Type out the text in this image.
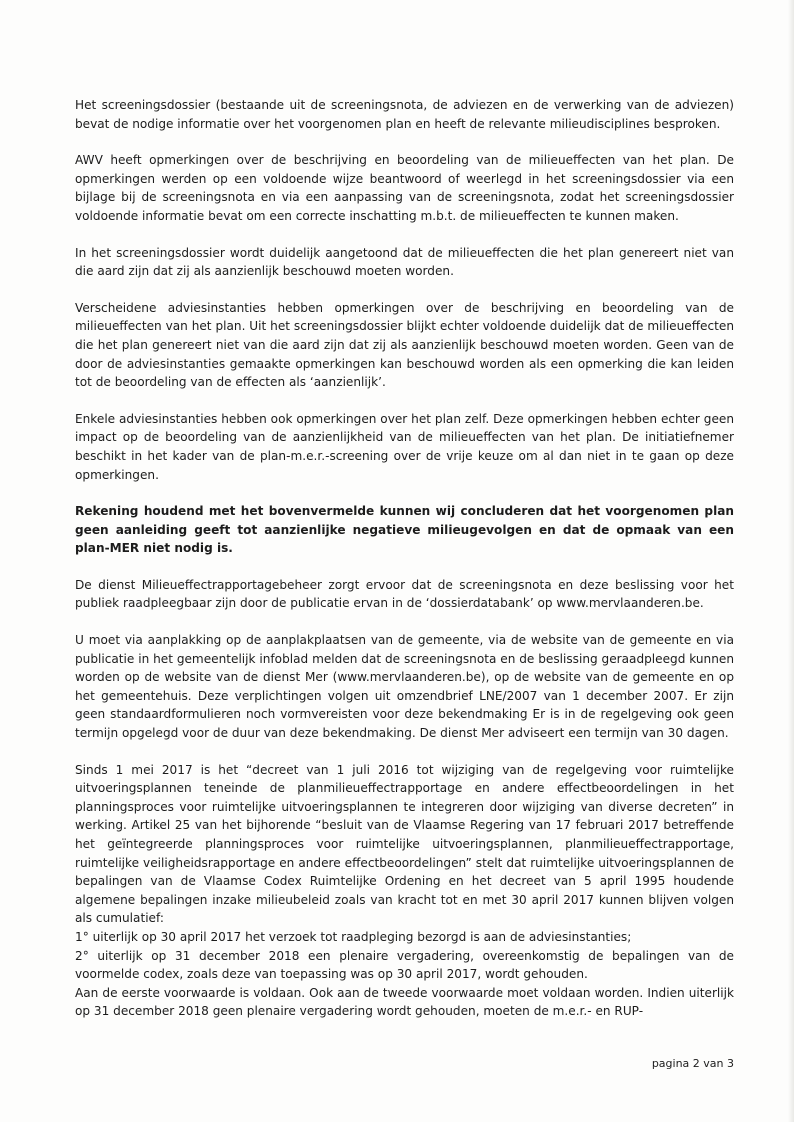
Het screeningsdossier (bestaande uit de screeningsnota, de adviezen en de verwerking van de adviezen) bevat de nodige informatie over het voorgenomen plan en heeft de relevante milieudisciplines besproken.

AWV heeft opmerkingen over de beschrijving en beoordeling van de milieueffecten van het plan. De opmerkingen werden op een voldoende wijze beantwoord of weerlegd in het screeningsdossier via een bijlage bij de screeningsnota en via een aanpassing van de screeningsnota, zodat het screeningsdossier voldoende informatie bevat om een correcte inschatting m.b.t. de milieueffecten te kunnen maken.

In het screeningsdossier wordt duidelijk aangetoond dat de milieueffecten die het plan genereert niet van die aard zijn dat zij als aanzienlijk beschouwd moeten worden.

Verscheidene adviesinstanties hebben opmerkingen over de beschrijving en beoordeling van de milieueffecten van het plan. Uit het screeningsdossier blijkt echter voldoende duidelijk dat de milieueffecten die het plan genereert niet van die aard zijn dat zij als aanzienlijk beschouwd moeten worden. Geen van de door de adviesinstanties gemaakte opmerkingen kan beschouwd worden als een opmerking die kan leiden tot de beoordeling van de effecten als ‘aanzienlijk’.

Enkele adviesinstanties hebben ook opmerkingen over het plan zelf. Deze opmerkingen hebben echter geen impact op de beoordeling van de aanzienlijkheid van de milieueffecten van het plan. De initiatiefnemer beschikt in het kader van de plan-m.e.r.-screening over de vrije keuze om al dan niet in te gaan op deze opmerkingen.

Rekening houdend met het bovenvermelde kunnen wij concluderen dat het voorgenomen plan geen aanleiding geeft tot aanzienlijke negatieve milieugevolgen en dat de opmaak van een plan-MER niet nodig is.

De dienst Milieueffectrapportagebeheer zorgt ervoor dat de screeningsnota en deze beslissing voor het publiek raadpleegbaar zijn door de publicatie ervan in de ‘dossierdatabank’ op www.mervlaanderen.be.

U moet via aanplakking op de aanplakplaatsen van de gemeente, via de website van de gemeente en via publicatie in het gemeentelijk infoblad melden dat de screeningsnota en de beslissing geraadpleegd kunnen worden op de website van de dienst Mer (www.mervlaanderen.be), op de website van de gemeente en op het gemeentehuis. Deze verplichtingen volgen uit omzendbrief LNE/2007 van 1 december 2007. Er zijn geen standaardformulieren noch vormvereisten voor deze bekendmaking Er is in de regelgeving ook geen termijn opgelegd voor de duur van deze bekendmaking. De dienst Mer adviseert een termijn van 30 dagen.

Sinds 1 mei 2017 is het “decreet van 1 juli 2016 tot wijziging van de regelgeving voor ruimtelijke uitvoeringsplannen teneinde de planmilieueffectrapportage en andere effectbeoordelingen in het planningsproces voor ruimtelijke uitvoeringsplannen te integreren door wijziging van diverse decreten” in werking. Artikel 25 van het bijhorende “besluit van de Vlaamse Regering van 17 februari 2017 betreffende het geïntegreerde planningsproces voor ruimtelijke uitvoeringsplannen, planmilieueffectrapportage, ruimtelijke veiligheidsrapportage en andere effectbeoordelingen” stelt dat ruimtelijke uitvoeringsplannen de bepalingen van de Vlaamse Codex Ruimtelijke Ordening en het decreet van 5 april 1995 houdende algemene bepalingen inzake milieubeleid zoals van kracht tot en met 30 april 2017 kunnen blijven volgen als cumulatief:

1° uiterlijk op 30 april 2017 het verzoek tot raadpleging bezorgd is aan de adviesinstanties;

2° uiterlijk op 31 december 2018 een plenaire vergadering, overeenkomstig de bepalingen van de voormelde codex, zoals deze van toepassing was op 30 april 2017, wordt gehouden.

Aan de eerste voorwaarde is voldaan. Ook aan de tweede voorwaarde moet voldaan worden. Indien uiterlijk op 31 december 2018 geen plenaire vergadering wordt gehouden, moeten de m.e.r.- en RUP-

pagina 2 van 3
